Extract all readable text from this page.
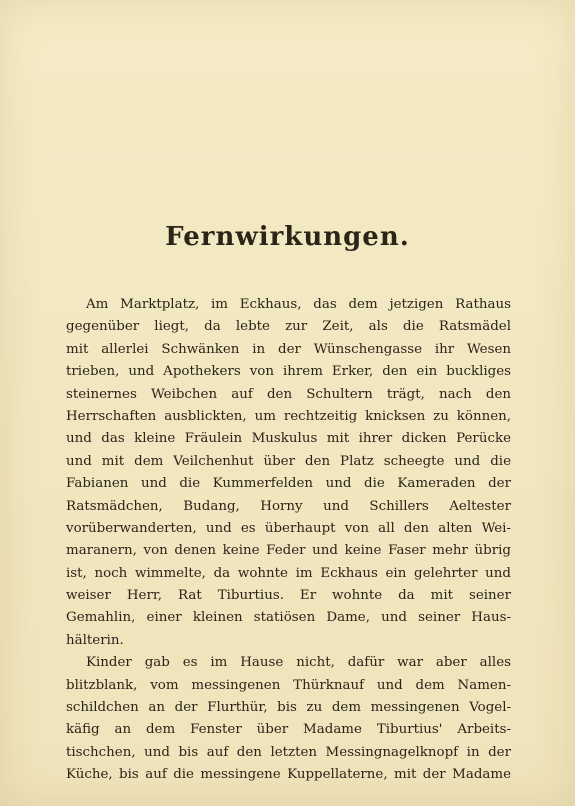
Fernwirkungen.
Am Marktplatz, im Eckhaus, das dem jetzigen Rathaus
gegenüber liegt, da lebte zur Zeit, als die Ratsmädel
mit allerlei Schwänken in der Wünschengasse ihr Wesen
trieben, und Apothekers von ihrem Erker, den ein buckliges
steinernes Weibchen auf den Schultern trägt, nach den
Herrschaften ausblickten, um rechtzeitig knicksen zu können,
und das kleine Fräulein Muskulus mit ihrer dicken Perücke
und mit dem Veilchenhut über den Platz scheegte und die
Fabianen und die Kummerfelden und die Kameraden der
Ratsmädchen, Budang, Horny und Schillers Aeltester
vorüberwanderten, und es überhaupt von all den alten Wei-
maranern, von denen keine Feder und keine Faser mehr übrig
ist, noch wimmelte, da wohnte im Eckhaus ein gelehrter und
weiser Herr, Rat Tiburtius. Er wohnte da mit seiner
Gemahlin, einer kleinen statiösen Dame, und seiner Haus-
hälterin.
Kinder gab es im Hause nicht, dafür war aber alles
blitzblank, vom messingenen Thürknauf und dem Namen-
schildchen an der Flurthür, bis zu dem messingenen Vogel-
käfig an dem Fenster über Madame Tiburtius' Arbeits-
tischchen, und bis auf den letzten Messingnagelknopf in der
Küche, bis auf die messingene Kuppellaterne, mit der Madame
